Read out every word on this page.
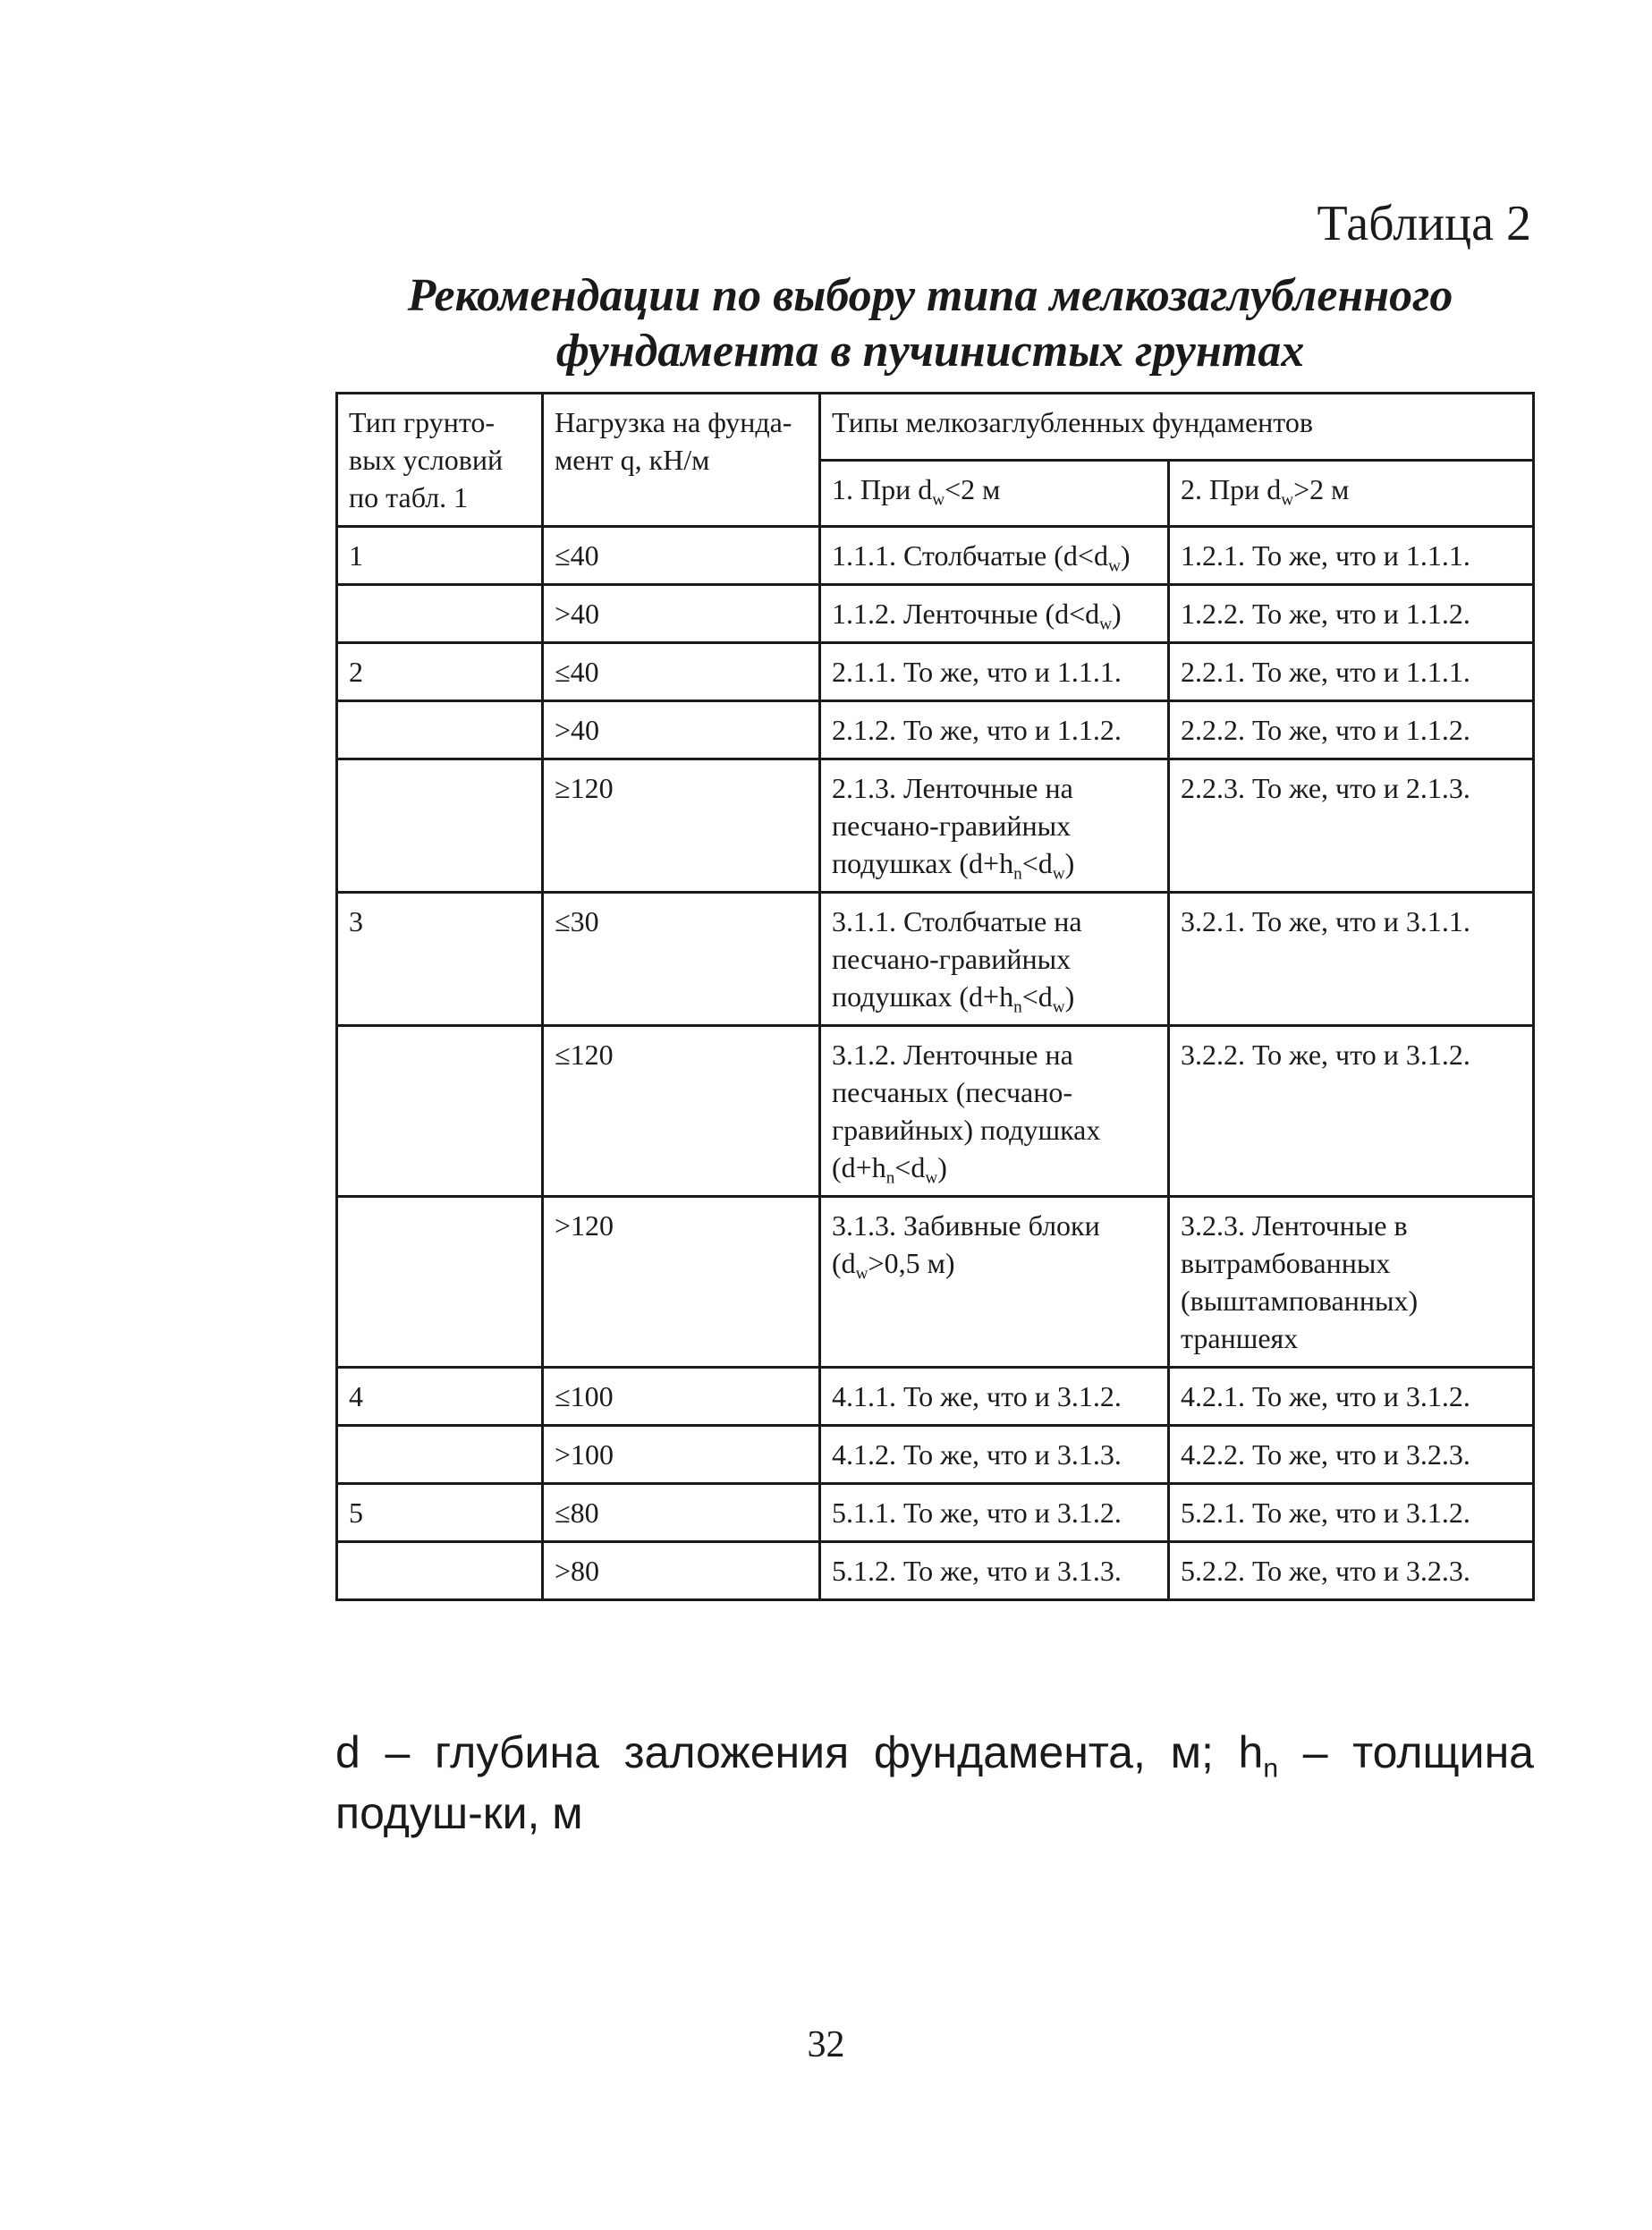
Таблица 2
Рекомендации по выбору типа мелкозаглубленного
фундамента в пучинистых грунтах
Тип грунто-вых условий по табл. 1	Нагрузка на фунда-мент q, кН/м	Типы мелкозаглубленных фундаментов	
		1. При $d_w<2$ м	2. При $d_w>2$ м
1	≤40	1.1.1. Столбчатые $(d<d_w)$	1.2.1. То же, что и 1.1.1.
	>40	1.1.2. Ленточные $(d<d_w)$	1.2.2. То же, что и 1.1.2.
2	≤40	2.1.1. То же, что и 1.1.1.	2.2.1. То же, что и 1.1.1.
	>40	2.1.2. То же, что и 1.1.2.	2.2.2. То же, что и 1.1.2.
	≥120	2.1.3. Ленточные на песчано-гравийных подушках $(d+h_n<d_w)$	2.2.3. То же, что и 2.1.3.
3	≤30	3.1.1. Столбчатые на песчано-гравийных подушках $(d+h_n<d_w)$	3.2.1. То же, что и 3.1.1.
	≤120	3.1.2. Ленточные на песчаных (песчано-гравийных) подушках $(d+h_n<d_w)$	3.2.2. То же, что и 3.1.2.
	>120	3.1.3. Забивные блоки ($d_w>0,5$ м)	3.2.3. Ленточные в вытрамбованных (выштампованных) траншеях
4	≤100	4.1.1. То же, что и 3.1.2.	4.2.1. То же, что и 3.1.2.
	>100	4.1.2. То же, что и 3.1.3.	4.2.2. То же, что и 3.2.3.
5	≤80	5.1.1. То же, что и 3.1.2.	5.2.1. То же, что и 3.1.2.
	>80	5.1.2. То же, что и 3.1.3.	5.2.2. То же, что и 3.2.3.
d – глубина заложения фундамента, м; $h_n$ – толщина подуш-ки, м
32
